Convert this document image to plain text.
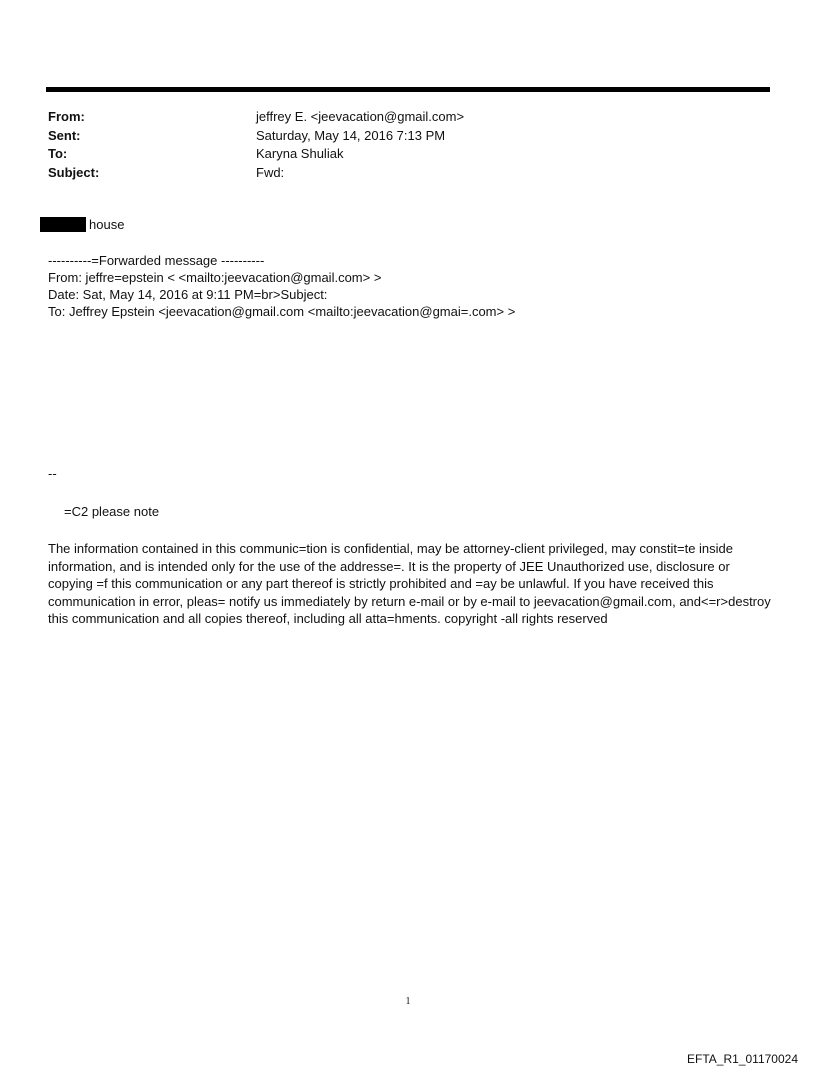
From:	jeffrey E. <jeevacation@gmail.com>
Sent:	Saturday, May 14, 2016 7:13 PM
To:	Karyna Shuliak
Subject:	Fwd:
house
----------=Forwarded message ----------
From: jeffre=epstein < <mailto:jeevacation@gmail.com> >
Date: Sat, May 14, 2016 at 9:11 PM=br>Subject:
To: Jeffrey Epstein <jeevacation@gmail.com <mailto:jeevacation@gmai=.com> >
--
=C2 please note
The information contained in this communic=tion is confidential, may be attorney-client privileged, may constit=te inside information, and is intended only for the use of the addresse=. It is the property of JEE Unauthorized use, disclosure or copying =f this communication or any part thereof is strictly prohibited and =ay be unlawful. If you have received this communication in error, pleas= notify us immediately by return e-mail or by e-mail to jeevacation@gmail.com, and<=r>destroy this communication and all copies thereof, including all atta=hments. copyright -all rights reserved
1
EFTA_R1_01170024
